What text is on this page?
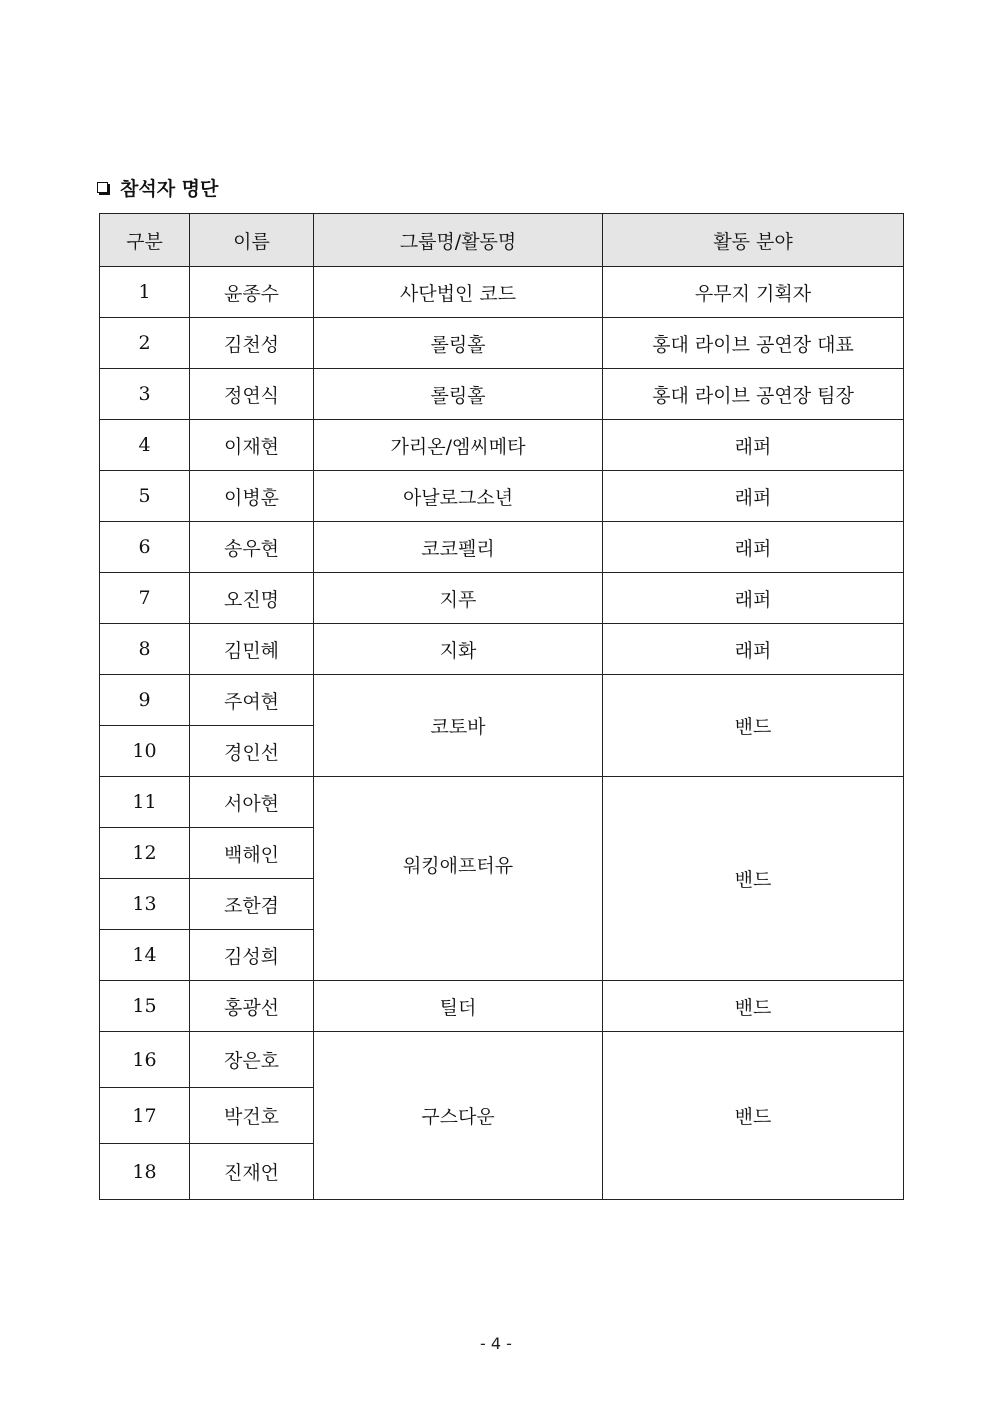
참석자 명단
구분	이름	그룹명/활동명	활동 분야
1	윤종수	사단법인 코드	우무지 기획자
2	김천성	롤링홀	홍대 라이브 공연장 대표
3	정연식	롤링홀	홍대 라이브 공연장 팀장
4	이재현	가리온/엠씨메타	래퍼
5	이병훈	아날로그소년	래퍼
6	송우현	코코펠리	래퍼
7	오진명	지푸	래퍼
8	김민혜	지화	래퍼
9	주여현	코토바	밴드
10	경인선		
11	서아현	워킹애프터유	밴드
12	백해인		
13	조한겸		
14	김성희		
15	홍광선	틸더	밴드
16	장은호	구스다운	밴드
17	박건호		
18	진재언		
- 4 -
